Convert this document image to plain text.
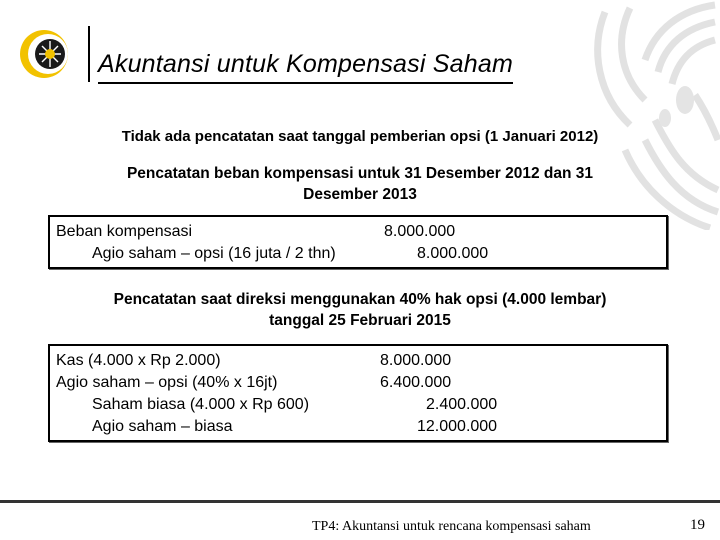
Akuntansi untuk Kompensasi Saham
Tidak ada pencatatan saat tanggal pemberian opsi (1 Januari 2012)
Pencatatan beban kompensasi untuk 31 Desember 2012 dan 31
Desember 2013
Beban kompensasi	8.000.000
Agio saham – opsi (16 juta / 2 thn)	8.000.000
Pencatatan saat direksi menggunakan 40% hak opsi (4.000 lembar)
tanggal 25 Februari 2015
Kas (4.000 x Rp 2.000)	8.000.000
Agio saham – opsi (40% x 16jt)	6.400.000
Saham biasa (4.000 x Rp 600)	2.400.000
Agio saham – biasa	12.000.000
TP4: Akuntansi untuk rencana kompensasi saham	19
